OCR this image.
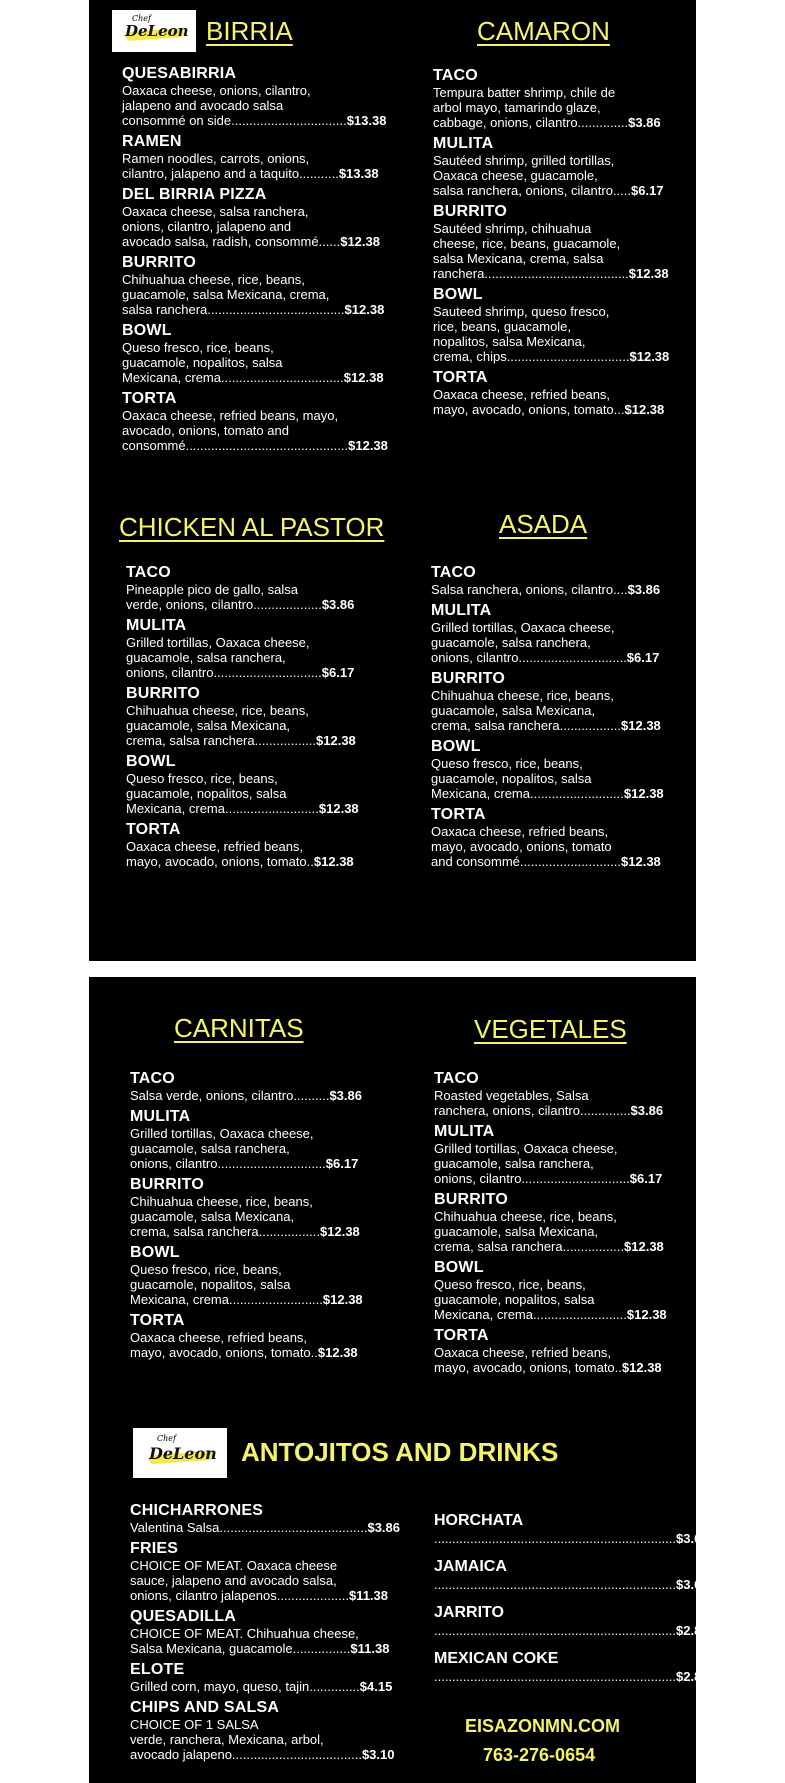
Chef
DeLeon BIRRIA	CAMARON
QUESABIRRIA
Oaxaca cheese, onions, cilantro,
jalapeno and avocado salsa
consommé on side................................$13.38
RAMEN
Ramen noodles, carrots, onions,
cilantro, jalapeno and a taquito...........$13.38
DEL BIRRIA PIZZA
Oaxaca cheese, salsa ranchera,
onions, cilantro, jalapeno and
avocado salsa, radish, consommé......$12.38
BURRITO
Chihuahua cheese, rice, beans,
guacamole, salsa Mexicana, crema,
salsa ranchera......................................$12.38
BOWL
Queso fresco, rice, beans,
guacamole, nopalitos, salsa
Mexicana, crema..................................$12.38
TORTA
Oaxaca cheese, refried beans, mayo,
avocado, onions, tomato and
consommé.............................................$12.38
TACO
Tempura batter shrimp, chile de
arbol mayo, tamarindo glaze,
cabbage, onions, cilantro..............$3.86
MULITA
Sautéed shrimp, grilled tortillas,
Oaxaca cheese, guacamole,
salsa ranchera, onions, cilantro.....$6.17
BURRITO
Sautéed shrimp, chihuahua
cheese, rice, beans, guacamole,
salsa Mexicana, crema, salsa
ranchera........................................$12.38
BOWL
Sauteed shrimp, queso fresco,
rice, beans, guacamole,
nopalitos, salsa Mexicana,
crema, chips..................................$12.38
TORTA
Oaxaca cheese, refried beans,
mayo, avocado, onions, tomato...$12.38
CHICKEN AL PASTOR	ASADA
TACO
Pineapple pico de gallo, salsa
verde, onions, cilantro...................$3.86
MULITA
Grilled tortillas, Oaxaca cheese,
guacamole, salsa ranchera,
onions, cilantro..............................$6.17
BURRITO
Chihuahua cheese, rice, beans,
guacamole, salsa Mexicana,
crema, salsa ranchera.................$12.38
BOWL
Queso fresco, rice, beans,
guacamole, nopalitos, salsa
Mexicana, crema..........................$12.38
TORTA
Oaxaca cheese, refried beans,
mayo, avocado, onions, tomato..$12.38
TACO
Salsa ranchera, onions, cilantro....$3.86
MULITA
Grilled tortillas, Oaxaca cheese,
guacamole, salsa ranchera,
onions, cilantro..............................$6.17
BURRITO
Chihuahua cheese, rice, beans,
guacamole, salsa Mexicana,
crema, salsa ranchera.................$12.38
BOWL
Queso fresco, rice, beans,
guacamole, nopalitos, salsa
Mexicana, crema..........................$12.38
TORTA
Oaxaca cheese, refried beans,
mayo, avocado, onions, tomato
and consommé............................$12.38
CARNITAS	VEGETALES
TACO
Salsa verde, onions, cilantro..........$3.86
MULITA
Grilled tortillas, Oaxaca cheese,
guacamole, salsa ranchera,
onions, cilantro..............................$6.17
BURRITO
Chihuahua cheese, rice, beans,
guacamole, salsa Mexicana,
crema, salsa ranchera.................$12.38
BOWL
Queso fresco, rice, beans,
guacamole, nopalitos, salsa
Mexicana, crema..........................$12.38
TORTA
Oaxaca cheese, refried beans,
mayo, avocado, onions, tomato..$12.38
TACO
Roasted vegetables, Salsa
ranchera, onions, cilantro..............$3.86
MULITA
Grilled tortillas, Oaxaca cheese,
guacamole, salsa ranchera,
onions, cilantro..............................$6.17
BURRITO
Chihuahua cheese, rice, beans,
guacamole, salsa Mexicana,
crema, salsa ranchera.................$12.38
BOWL
Queso fresco, rice, beans,
guacamole, nopalitos, salsa
Mexicana, crema..........................$12.38
TORTA
Oaxaca cheese, refried beans,
mayo, avocado, onions, tomato..$12.38
Chef
DeLeon ANTOJITOS AND DRINKS
CHICHARRONES
Valentina Salsa.........................................$3.86
FRIES
CHOICE OF MEAT. Oaxaca cheese
sauce, jalapeno and avocado salsa,
onions, cilantro jalapenos....................$11.38
QUESADILLA
CHOICE OF MEAT. Chihuahua cheese,
Salsa Mexicana, guacamole................$11.38
ELOTE
Grilled corn, mayo, queso, tajin..............$4.15
CHIPS AND SALSA
CHOICE OF 1 SALSA
verde, ranchera, Mexicana, arbol,
avocado jalapeno....................................$3.10
HORCHATA
...................................................................$3.60
JAMAICA
...................................................................$3.60
JARRITO
...................................................................$2.83
MEXICAN COKE
...................................................................$2.83
EISAZONMN.COM
763-276-0654
